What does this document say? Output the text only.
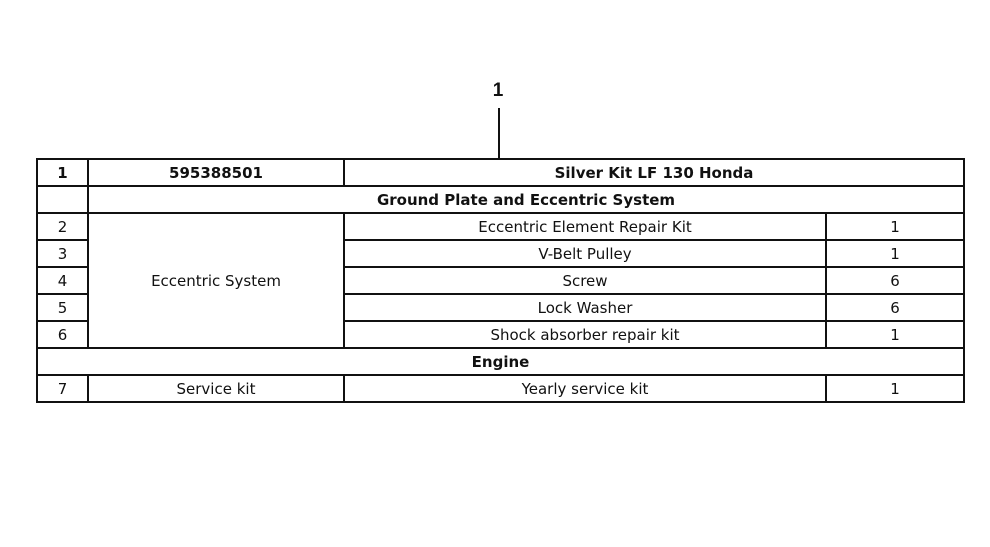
1
1	595388501	Silver Kit LF 130 Honda	
	Ground Plate and Eccentric System		
2	Eccentric System	Eccentric Element Repair Kit	1
3		V-Belt Pulley	1
4		Screw	6
5		Lock Washer	6
6		Shock absorber repair kit	1
Engine			
7	Service kit	Yearly service kit	1
